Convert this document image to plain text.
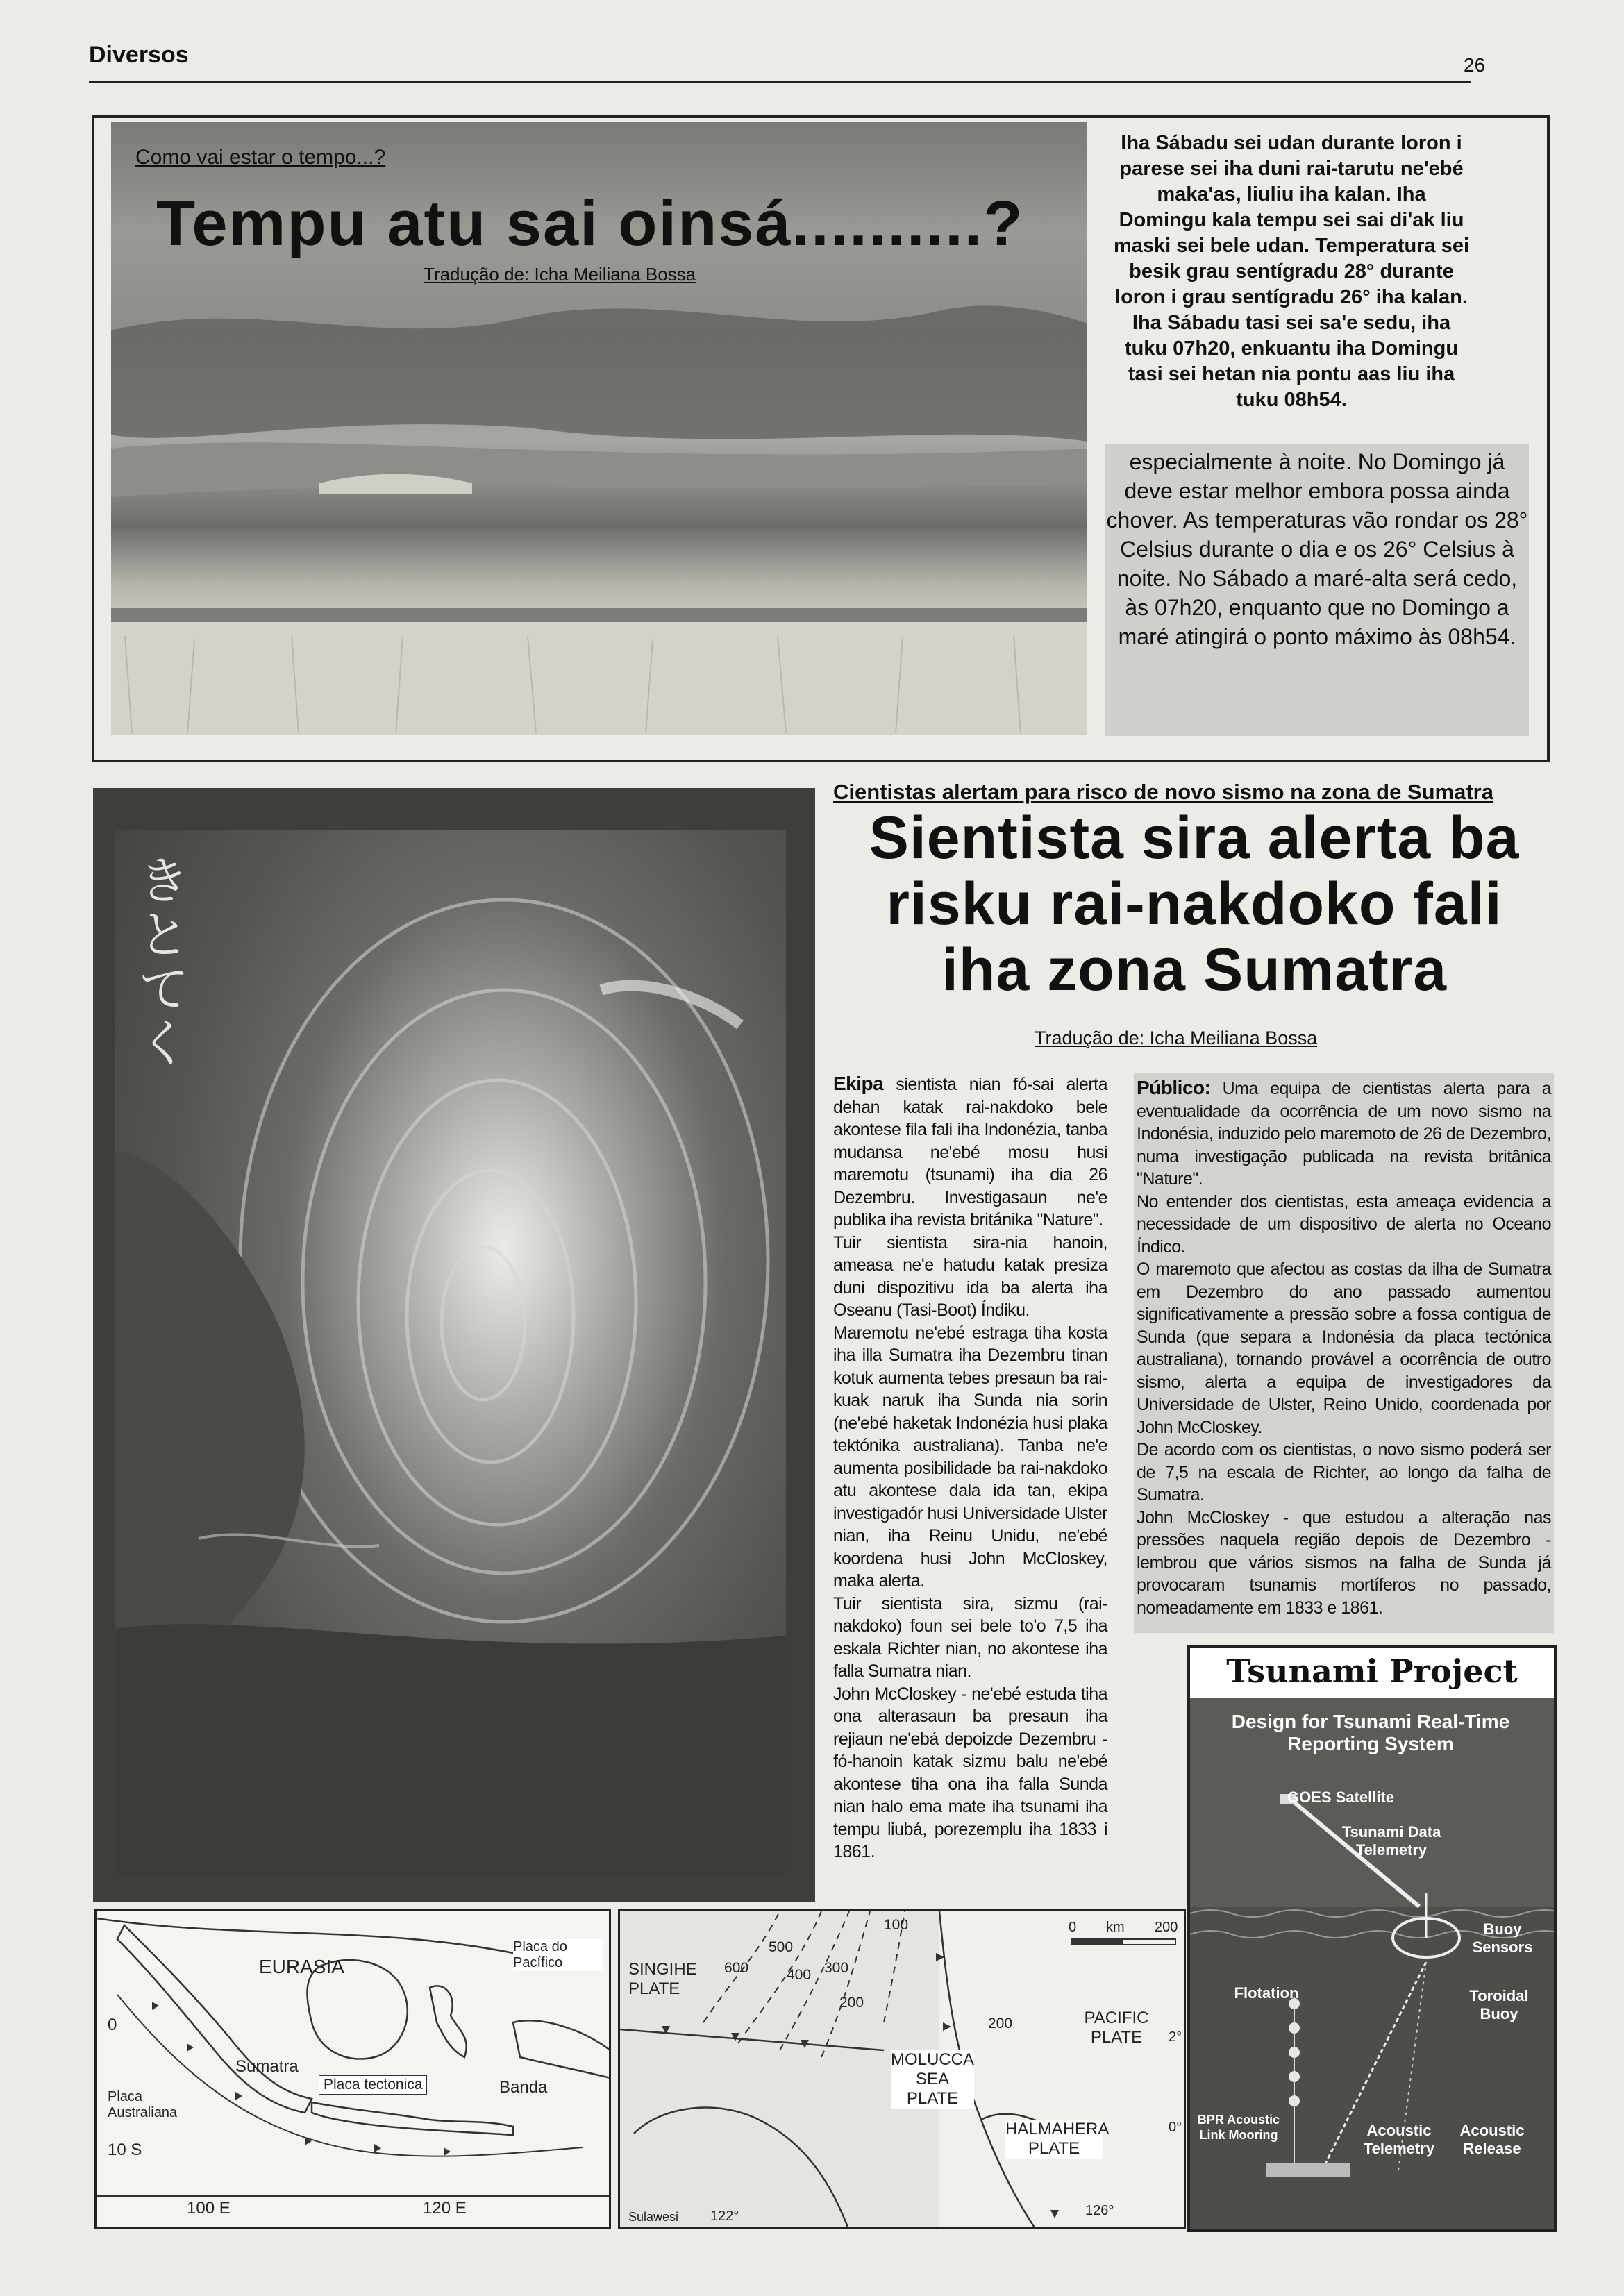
Diversos	26
Como vai estar o tempo...?
Tempu atu sai oinsá..........?
Tradução de: Icha Meiliana Bossa
Iha Sábadu sei udan durante loron i parese sei iha duni rai-tarutu ne'ebé maka'as, liuliu iha kalan. Iha Domingu kala tempu sei sai di'ak liu maski sei bele udan. Temperatura sei besik grau sentígradu 28° durante loron i grau sentígradu 26° iha kalan. Iha Sábadu tasi sei sa'e sedu, iha tuku 07h20, enkuantu iha Domingu tasi sei hetan nia pontu aas liu iha tuku 08h54.
especialmente à noite. No Domingo já deve estar melhor embora possa ainda chover. As temperaturas vão rondar os 28° Celsius durante o dia e os 26° Celsius à noite. No Sábado a maré-alta será cedo, às 07h20, enquanto que no Domingo a maré atingirá o ponto máximo às 08h54.
きとてく
Cientistas alertam para risco de novo sismo na zona de Sumatra
Sientista sira alerta ba risku rai-nakdoko fali iha zona Sumatra
Tradução de: Icha Meiliana Bossa

Ekipa sientista nian fó-sai alerta dehan katak rai-nakdoko bele akontese fila fali iha Indonézia, tanba mudansa ne'ebé mosu husi maremotu (tsunami) iha dia 26 Dezembru. Investigasaun ne'e publika iha revista británika "Nature".

Tuir sientista sira-nia hanoin, ameasa ne'e hatudu katak presiza duni dispozitivu ida ba alerta iha Oseanu (Tasi-Boot) Índiku.

Maremotu ne'ebé estraga tiha kosta iha illa Sumatra iha Dezembru tinan kotuk aumenta tebes presaun ba rai-kuak naruk iha Sunda nia sorin (ne'ebé haketak Indonézia husi plaka tektónika australiana). Tanba ne'e aumenta posibilidade ba rai-nakdoko atu akontese dala ida tan, ekipa investigadór husi Universidade Ulster nian, iha Reinu Unidu, ne'ebé koordena husi John McCloskey, maka alerta.

Tuir sientista sira, sizmu (rai-nakdoko) foun sei bele to'o 7,5 iha eskala Richter nian, no akontese iha falla Sumatra nian.

John McCloskey - ne'ebé estuda tiha ona alterasaun ba presaun iha rejiaun ne'ebá depoizde Dezembru - fó-hanoin katak sizmu balu ne'ebé akontese tiha ona iha falla Sunda nian halo ema mate iha tsunami iha tempu liubá, porezemplu iha 1833 i 1861.

Público: Uma equipa de cientistas alerta para a eventualidade da ocorrência de um novo sismo na Indonésia, induzido pelo maremoto de 26 de Dezembro, numa investigação publicada na revista britânica "Nature".

No entender dos cientistas, esta ameaça evidencia a necessidade de um dispositivo de alerta no Oceano Índico.

O maremoto que afectou as costas da ilha de Sumatra em Dezembro do ano passado aumentou significativamente a pressão sobre a fossa contígua de Sunda (que separa a Indonésia da placa tectónica australiana), tornando provável a ocorrência de outro sismo, alerta a equipa de investigadores da Universidade de Ulster, Reino Unido, coordenada por John McCloskey.

De acordo com os cientistas, o novo sismo poderá ser de 7,5 na escala de Richter, ao longo da falha de Sumatra.

John McCloskey - que estudou a alteração nas pressões naquela região depois de Dezembro - lembrou que vários sismos na falha de Sunda já provocaram tsunamis mortíferos no passado, nomeadamente em 1833 e 1861.

Tsunami Project
Design for Tsunami Real-Time Reporting System
GOES Satellite
Tsunami Data Telemetry
Buoy Sensors
Flotation	Toroidal Buoy
BPR Acoustic Link Mooring	Acoustic Telemetry
Acoustic Release
EURASIA
Placa do Pacífico
Sumatra
Placa tectonica	Banda
Placa Australiana
0
10 S
100 E	120 E
SINGIHE PLATE
MOLUCCA SEA PLATE
HALMAHERA PLATE
PACIFIC PLATE
Sulawesi
0 km 200
500
600	400 300
200
200
100
2°
0°
122°	126°
